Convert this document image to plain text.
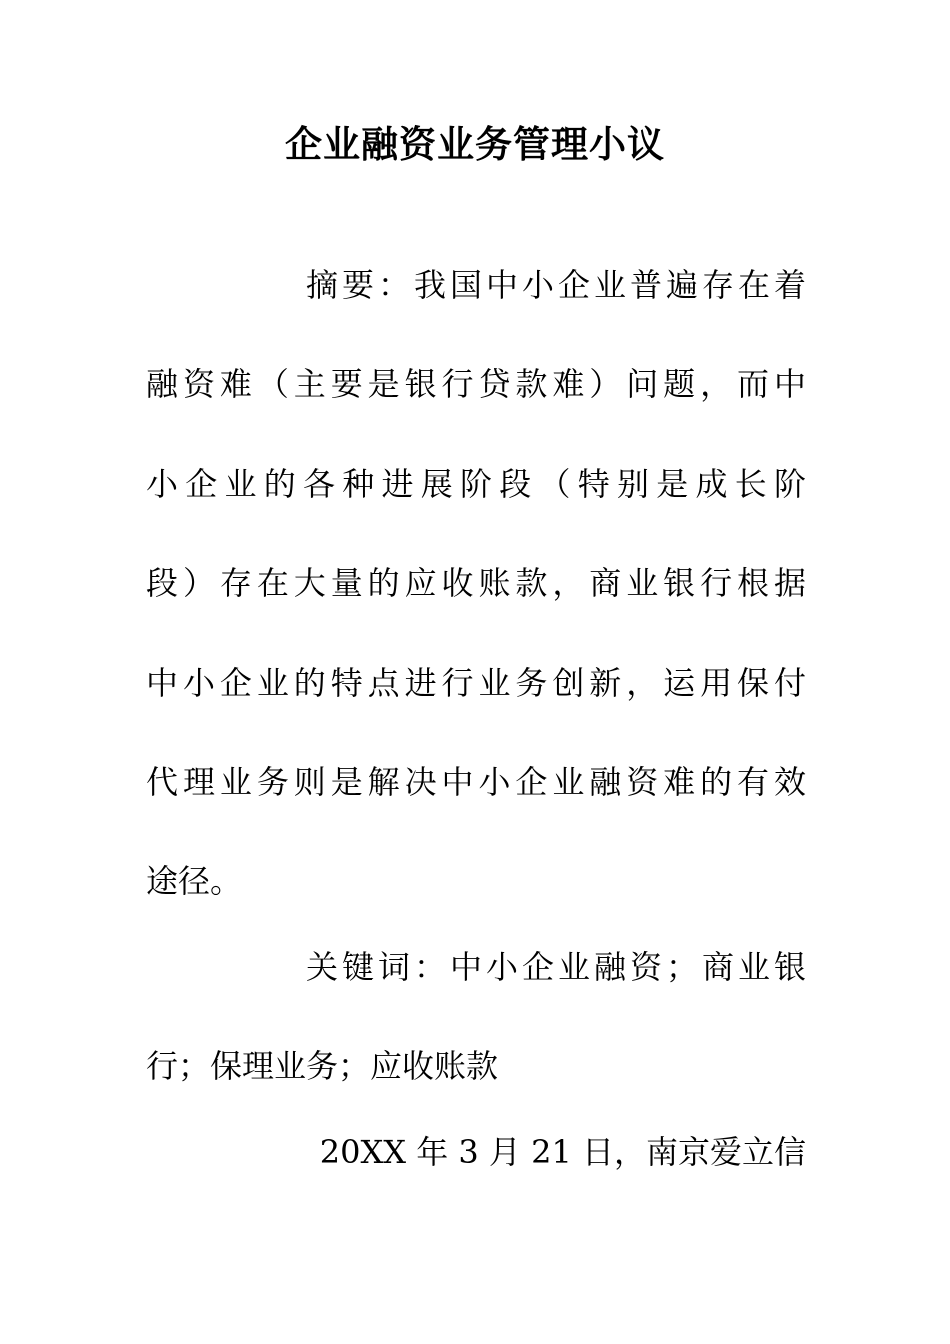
企业融资业务管理小议
摘要：我国中小企业普遍存在着
融资难（主要是银行贷款难）问题，而中
小企业的各种进展阶段（特别是成长阶
段）存在大量的应收账款，商业银行根据
中小企业的特点进行业务创新，运用保付
代理业务则是解决中小企业融资难的有效
途径。
关键词：中小企业融资；商业银
行；保理业务；应收账款
20XX 年 3 月 21 日，南京爱立信
